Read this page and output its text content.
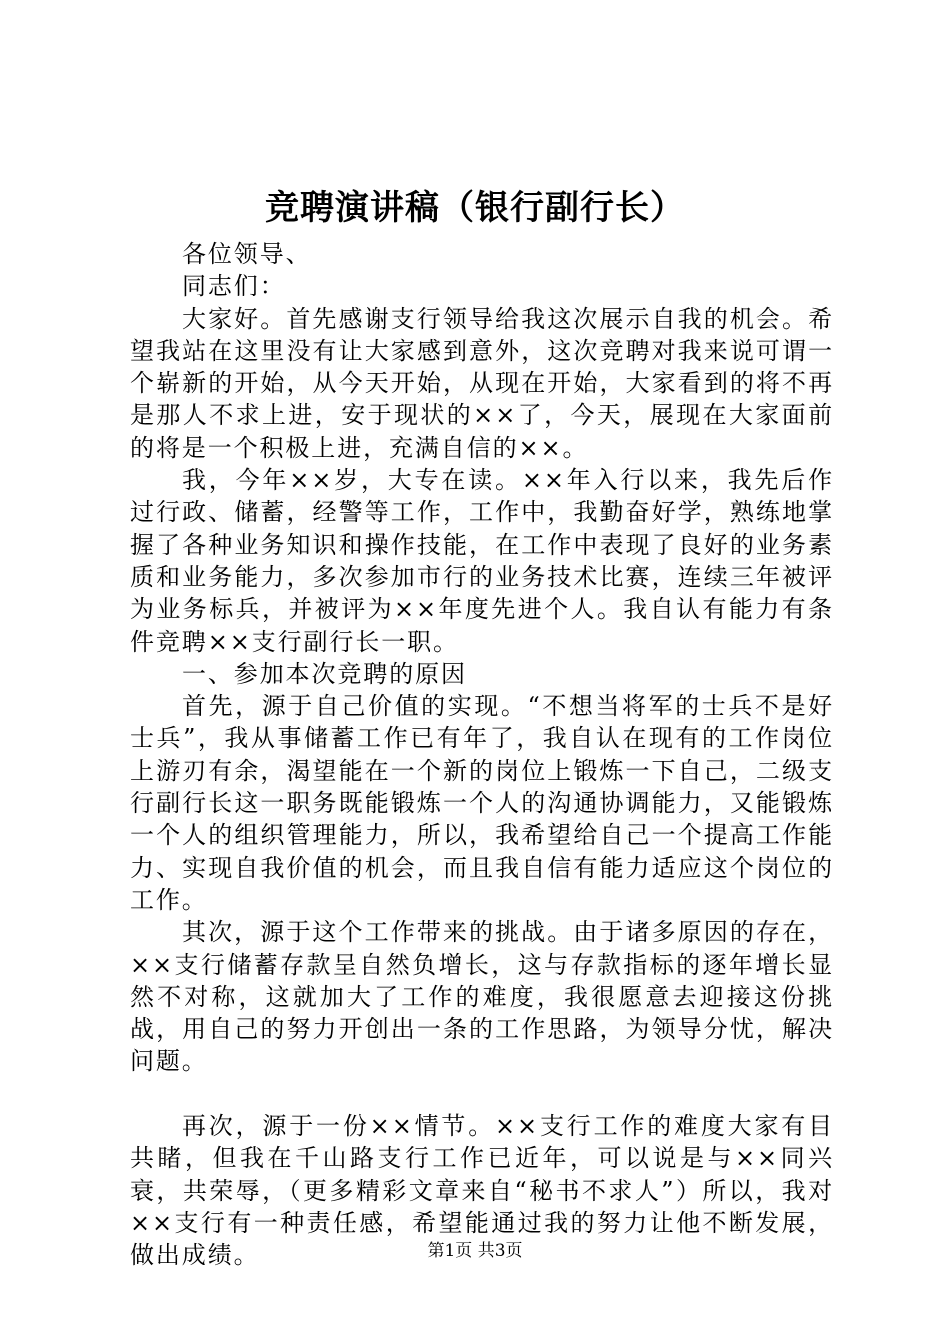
竞聘演讲稿（银行副行长）

各位领导、

同志们：

大家好。首先感谢支行领导给我这次展示自我的机会。希望我站在这里没有让大家感到意外，这次竞聘对我来说可谓一个崭新的开始，从今天开始，从现在开始，大家看到的将不再是那人不求上进，安于现状的××了，今天，展现在大家面前的将是一个积极上进，充满自信的××。

我，今年××岁，大专在读。××年入行以来，我先后作过行政、储蓄，经警等工作，工作中，我勤奋好学，熟练地掌握了各种业务知识和操作技能，在工作中表现了良好的业务素质和业务能力，多次参加市行的业务技术比赛，连续三年被评为业务标兵，并被评为××年度先进个人。我自认有能力有条件竞聘××支行副行长一职。

一、参加本次竞聘的原因

首先，源于自己价值的实现。“不想当将军的士兵不是好士兵”，我从事储蓄工作已有年了，我自认在现有的工作岗位上游刃有余，渴望能在一个新的岗位上锻炼一下自己，二级支行副行长这一职务既能锻炼一个人的沟通协调能力，又能锻炼一个人的组织管理能力，所以，我希望给自己一个提高工作能力、实现自我价值的机会，而且我自信有能力适应这个岗位的工作。

其次，源于这个工作带来的挑战。由于诸多原因的存在，××支行储蓄存款呈自然负增长，这与存款指标的逐年增长显然不对称，这就加大了工作的难度，我很愿意去迎接这份挑战，用自己的努力开创出一条的工作思路，为领导分忧，解决问题。

再次，源于一份××情节。××支行工作的难度大家有目共睹，但我在千山路支行工作已近年，可以说是与××同兴衰，共荣辱，（更多精彩文章来自“秘书不求人”）所以，我对××支行有一种责任感，希望能通过我的努力让他不断发展，做出成绩。	第1页 共3页
